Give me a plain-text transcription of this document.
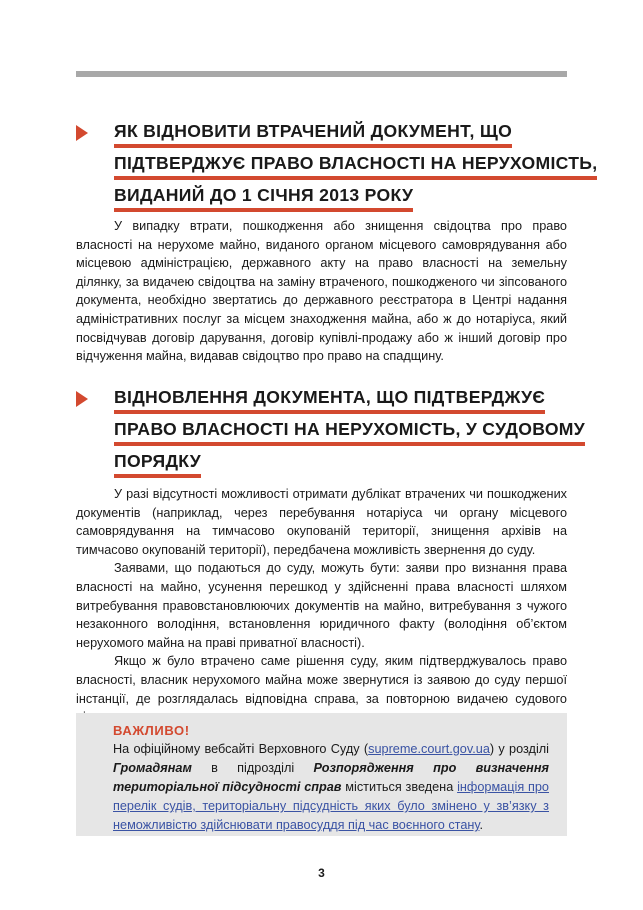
ЯК ВІДНОВИТИ ВТРАЧЕНИЙ ДОКУМЕНТ, ЩО
ПІДТВЕРДЖУЄ ПРАВО ВЛАСНОСТІ НА НЕРУХОМІСТЬ,
ВИДАНИЙ ДО 1 СІЧНЯ 2013 РОКУ

У випадку втрати, пошкодження або знищення свідоцтва про право власності на нерухоме майно, виданого органом місцевого самоврядування або місцевою адміністрацією, державного акту на право власності на земельну ділянку, за видачею свідоцтва на заміну втраченого, пошкодженого чи зіпсованого документа, необхідно звертатись до державного реєстратора в Центрі надання адміністративних послуг за місцем знаходження майна, або ж до нотаріуса, який посвідчував договір дарування, договір купівлі-продажу або ж інший договір про відчуження майна, видавав свідоцтво про право на спадщину.

ВІДНОВЛЕННЯ ДОКУМЕНТА, ЩО ПІДТВЕРДЖУЄ
ПРАВО ВЛАСНОСТІ НА НЕРУХОМІСТЬ, У СУДОВОМУ
ПОРЯДКУ

У разі відсутності можливості отримати дублікат втрачених чи пошкоджених документів (наприклад, через перебування нотаріуса чи органу місцевого самоврядування на тимчасово окупованій території, знищення архівів на тимчасово окупованій території), передбачена можливість звернення до суду.

Заявами, що подаються до суду, можуть бути: заяви про визнання права власності на майно, усунення перешкод у здійсненні права власності шляхом витребування правовстановлюючих документів на майно, витребування з чужого незаконного володіння, встановлення юридичного факту (володіння об’єктом нерухомого майна на праві приватної власності).

Якщо ж було втрачено саме рішення суду, яким підтверджувалось право власності, власник нерухомого майна може звернутися із заявою до суду першої інстанції, де розглядалась відповідна справа, за повторною видачею судового

ВАЖЛИВО!
На офіційному вебсайті Верховного Суду (supreme.court.gov.ua) у розділі Громадянам в підрозділі Розпорядження про визначення територіальної підсудності справ міститься зведена інформація про перелік судів, територіальну підсудність яких було змінено у зв’язку з неможливістю здійснювати правосуддя під час воєнного стану.
3
